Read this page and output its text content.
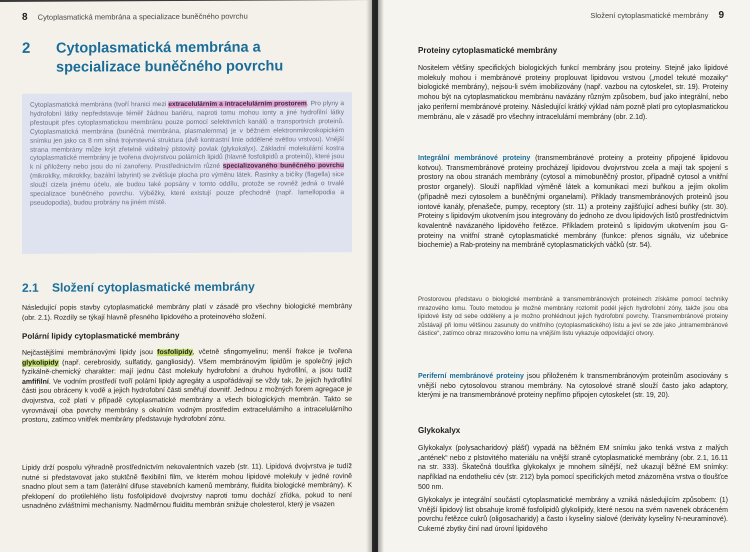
8 Cytoplasmatická membrána a specializace buněčného povrchu
2 Cytoplasmatická membrána a specializace buněčného povrchu

Cytoplasmatická membrána (tvoří hranici mezi extracelulárním a intracelulárním prostorem. Pro plyny a hydrofobní látky nepředstavuje téměř žádnou bariéru, naproti tomu mohou ionty a jiné hydrofilní látky přestoupit přes cytoplasmatickou membránu pouze pomocí selektivních kanálů a transportních proteinů. Cytoplasmatická membrána (buněčná membrána, plasmalemma) je v běžném elektronmikroskopickém snímku jen jako ca 8 nm silná trojvrstevná struktura (dvě kontrastní linie oddělené světlou vrstvou). Vnější strana membrány může krýt zřetelně viditelný plstovitý povlak (glykokalyx). Základní molekulární kostra cytoplasmatické membrány je tvořena dvojvrstvou polárních lipidů (hlavně fosfolipidů a proteinů), které jsou k ní přiloženy nebo jsou do ní zanořeny. Prostřednictvím různé specializovaného buněčného povrchu (mikroklky, mikroklky, bazální labyrint) se zvětšuje plocha pro výměnu látek. Řasinky a bičíky (flagella) sice slouží cizela jinému účelu, ale budou také popsány v tomto oddílu, protože se rovněž jedná o trvalé specializace buněčného povrchu. Výběžky, které existují pouze přechodně (např. lamellopodia a pseudopodia), budou probrány na jiném místě.

2.1 Složení cytoplasmatické membrány
Následující popis stavby cytoplasmatické membrány platí v zásadě pro všechny biologické membrány (obr. 2.1). Rozdíly se týkají hlavně přesného lipidového a proteinového složení.
Polární lipidy cytoplasmatické membrány
Nejčastějšími membránovými lipidy jsou fosfolipidy, včetně sfingomyelinu; menší frakce je tvořena glykolipidy (např. cerebrosidy, sulfatidy, gangliosidy). Všem membránovým lipidům je společný jejich fyzikálně-chemický charakter: mají jednu část molekuly hydrofobní a druhou hydrofilní, a jsou tudíž amfifilní. Ve vodním prostředí tvoří polární lipidy agregáty a uspořádávají se vždy tak, že jejich hydrofilní části jsou obráceny k vodě a jejich hydrofobní části směřují dovnitř. Jednou z možných forem agregace je dvojvrstva, což platí v případě cytoplasmatické membrány a všech biologických membrán. Takto se vyrovnávají oba povrchy membrány s okolním vodným prostředím extracelulárního a intracelulárního prostoru, zatímco vnitřek membrány představuje hydrofobní zónu.
Lipidy drží pospolu výhradně prostřednictvím nekovalentních vazeb (str. 11). Lipidová dvojvrstva je tudíž nutné si představovat jako stuktčně flexibilní film, ve kterém mohou lipidové molekuly v jedné rovině snadno plout sem a tam (laterální difuse stavebních kamenů membrány, fluidita biologické membrány). K překlopení do protilehlého listu fosfolipidové dvojvrstvy naproti tomu dochází zřídka, pokud to není usnadněno zvláštními mechanismy. Nadměrnou fluiditu membrán snižuje cholesterol, který je vsazen
Složení cytoplasmatické membrány 9
Proteiny cytoplasmatické membrány
Nositelem většiny specifických biologických funkcí membrány jsou proteiny. Stejně jako lipidové molekuly mohou i membránové proteiny proplouvat lipidovou vrstvou („model tekuté mozaiky“ biologické membrány), nejsou-li svém imobilizovány (např. vazbou na cytoskelet, str. 19). Proteiny mohou být na cytoplasmatickou membránu navázány různým způsobem, buď jako integrální, nebo jako periferní membránové proteiny. Následující krátký výklad nám pozně platí pro cytoplasmatickou membránu, ale v zásadě pro všechny intracelulární membrány (obr. 2.1d).
Integrální membránové proteiny (transmembránové proteiny a proteiny připojené lipidovou kotvou). Transmembránové proteiny procházejí lipidovou dvojvrstvou zcela a mají tak spojení s prostory na obou stranách membrány (cytosol a mimobuněčný prostor, případně cytosol a vnitřní prostor organely). Slouží například výměně látek a komunikaci mezi buňkou a jejím okolím (případně mezi cytosolem a buněčnými organelami). Příklady transmembránových proteinů jsou iontové kanály, přenašeče, pumpy, receptory (str. 11) a proteiny zajišťující adhesi buňky (str. 30). Proteiny s lipidovým ukotvením jsou integrovány do jednoho ze dvou lipidových listů prostřednictvím kovalentně navázaného lipidového řetězce. Příkladem proteinů s lipidovým ukotvením jsou G-proteiny na vnitřní straně cytoplasmatické membrány (funkce: přenos signálu, viz učebnice biochemie) a Rab-proteiny na membráně cytoplasmatických váčků (str. 54).
Prostorovou představu o biologické membráně a transmembránových proteinech získáme pomocí techniky mrazového lomu. Touto metodou je možné membrány rozlomit podél jejich hydrofobní zóny, takže jsou oba lipidové listy od sebe odděleny a je možno prohlédnout jejich hydrofobní povrchy. Transmembránové proteiny zůstávají při lomu většinou zasunuty do vnitřního (cytoplasmatického) listu a jeví se zde jako „intramembránové částice“, zatímco obraz mrazového lomu na vnějším listu vykazuje odpovídající otvory.
Periferní membránové proteiny jsou přiloženém k transmembránovým proteinům asociovány s vnější nebo cytosolovou stranou membrány. Na cytosolové straně slouží často jako adaptory, kterými je na transmembránové proteiny nepřímo připojen cytoskelet (str. 19, 20).
Glykokalyx
Glykokalyx (polysacharidový plášť) vypadá na běžném EM snímku jako tenká vrstva z malých „antének“ nebo z plstovitého materiálu na vnější straně cytoplasmatické membrány (obr. 2.1, 16.11 na str. 333). Škatečná tloušťka glykokalyx je mnohem silnější, než ukazují běžné EM snímky: například na endotheliu cév (str. 212) byla pomocí specifických metod znázorněna vrstva o tloušťce 500 nm.
Glykokalyx je integrální součástí cytoplasmatické membrány a vzniká následujícím způsobem: (1) Vnější lipidový list obsahuje kromě fosfolipidů glykolipidy, které nesou na svém navenek obráceném povrchu řetězce cukrů (oligosacharidy) a často i kyseliny sialové (deriváty kyseliny N-neuraminové). Cukerné zbytky činí nad úrovní lipidového
